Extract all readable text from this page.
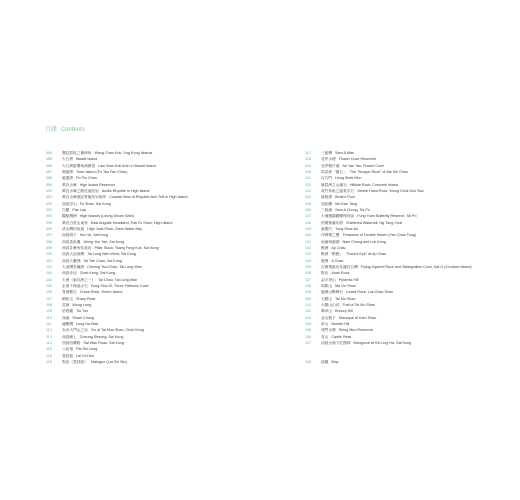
目錄 Contents
084	甕缸群島之橫洲角 Wang Chau Kok, Ung Kong Islands
085	火石洲 Basalt Island
086	火石洲藍灣角海蝕拱 Lam Wan Kok Arch in Basalt Island
087	佛頭洲 Town Island (Fu Tau Fan Chau)
088	破邊洲 Po Pin Chau
089	萬宜水庫 High Island Reservoir
090	萬宜水庫之酸性流紋岩 Acidic Rhyolite in High Island
091	萬宜水庫流紋質凝灰岩海岸 Coastal View of Rhyolitic Ash Tuff in High Island
092	西貢浮山 Fu Shan, Sai Kung
093	白臘 Pak Lap
094	糧船灣洲 High Islands (Leung Shuen Wan)
095	萬宜白虎山東角 East Angular Headland, Pak Fu Shan, High Island
096	清水灣釣魚翁 High Junk Peak, Clear Water Bay
097	西貢海下 Hoi Ha, Sai Kung
098	西貢黃魚灘 Wong Yue Tan, Sai Kung
099	西貢井輋角柱狀岩 Pillar Stack, Tsang Fong Kok, Sai Kung
100	西貢大浪西灣 Tai Long Wan West, Sai Kung
101	西貢大灘洲 Tai Tan Chau, Sai Kung
102	大浪灣長嘴洲 Cheung Tsui Chau, Tai Long Wan
103	西貢赤徑 Chek Keng, Sai Kung
104	大洲（東坑洲之一） Tai Chau, Tai Long Wan
105	企嶺下海風水石 Fung Shui Si, Three Fathoms Cove
106	青洲鶴石 Crane Rock, Green Island
107	蚺蛇尖 Sharp Peak
108	黃嶺 Wong Leng
109	吊燈籠 Tiu Tun
110	深涌 Sham Chung
111	龍蝦灣 Lung Ha Wan
112	赤徑大門山之岩 Tor of Tai Mun Shan, Chek Keng
113	西貢嶂上 Cheung Sheung, Sai Kung
114	西貢西灣路 Sai Wan Road, Sai Kung
115	八仙嶺 Pat Sin Leng
116	荔枝窩 Lai Chi Wo
116	對話（荔枝窩） Dialogue (Lai Chi Wo)
117	三椏灣 Sam A Wan
118	花坪水塘 Flower Cove Reservoir
119	花坪鴨仔頭 Ah Yan Tau, Flower Cove
120	馬屎洲「龍石」 The "Dragon Rock" of Ma Shi Chau
121	紅石門 Hung Shek Mun
122	娥眉洲之山潮石 Hilltide Rock, Crescent Island
123	黃竹角咀之溫柔手石 Gentle Hand Rock, Wong Chuk Kok Tsui
124	新娘潭 Bride's Pool
125	烏蛟騰 Wu Kau Tang
126	三椏涌 Sam A Chung, Tai Po
127	大埔鳳園蝴蝶保育區 Fung Yuen Butterfly Reserve, Tai Po
128	梧桐寨瀑布群 Sheltered Waterfall, Ng Tung Chai
129	東樹凹 Tung Shue Au
130	印洲塘之寶 Treasures of Double Haven (Yan Chau Tong)
131	南涌與鹿頸 Nam Chung and Luk Keng
132	鴨洲 Ap Chau
133	鴨洲「鴨眼」 "Duck's Eye" at Ap Chau
134	鴉洲 A Chau
135	吉澳飛鼠岩及鐘乳石灣 Flying Squirrel Rock and Stalagmitive Cove, Kat O (Crooked Island)
136	鞍岩 Ahah Rock
137	金字塔山 Pyramid Hill
138	馬鞍山 Ma On Shan
139	鹿洲山蜥蜴石 Lizard Rock, Luk Chau Shan
140	大帽山 Tai Mo Shan
141	大帽山山徑 Trail of Tai Mo Shan
142	畢拿山 Breezy Hill
143	金山猴子 Macaque of Kam Shan
144	針山 Needle Hill
145	城門水塘 Shing Mun Reservoir
146	青山 Castle Peak
147	西貢企嶺下紅樹林 Mangrove at Kei Ling Ha, Sai Kung
150	地圖 Map
